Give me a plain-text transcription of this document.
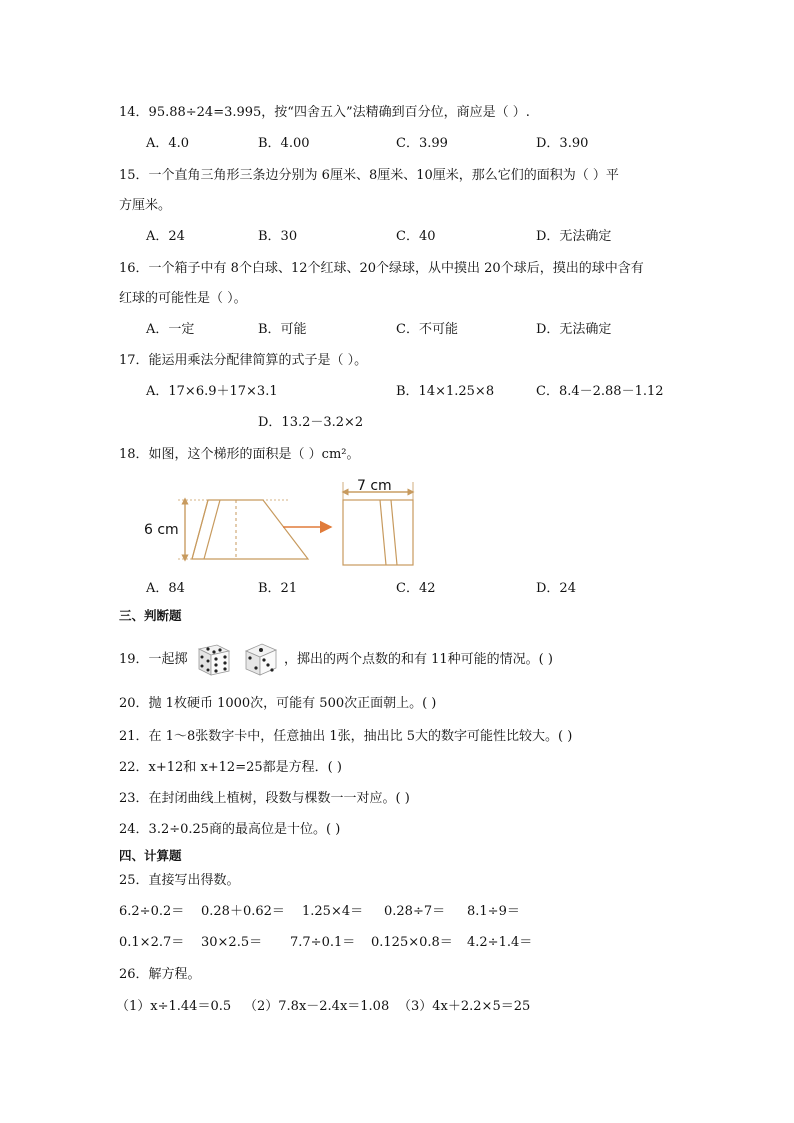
14．95.88÷24=3.995，按“四舍五入”法精确到百分位，商应是（ ）.
A．4.0	B．4.00	C．3.99	D．3.90
15．一个直角三角形三条边分别为 6厘米、8厘米、10厘米，那么它们的面积为（ ）平
方厘米。
A．24	B．30	C．40	D．无法确定
16．一个箱子中有 8个白球、12个红球、20个绿球，从中摸出 20个球后，摸出的球中含有
红球的可能性是（ ）。
A．一定	B．可能	C．不可能	D．无法确定
17．能运用乘法分配律简算的式子是（ ）。
A．17×6.9＋17×3.1	B．14×1.25×8	C．8.4－2.88－1.12
D．13.2－3.2×2
18．如图，这个梯形的面积是（ ）cm²。
6 cm
7 cm
A．84	B．21	C．42	D．24
三、判断题
19．一起掷	，掷出的两个点数的和有 11种可能的情况。( )
20．抛 1枚硬币 1000次，可能有 500次正面朝上。( )
21．在 1～8张数字卡中，任意抽出 1张，抽出比 5大的数字可能性比较大。( )
22．x+12和 x+12=25都是方程．( )
23．在封闭曲线上植树，段数与棵数一一对应。( )
24．3.2÷0.25商的最高位是十位。( )
四、计算题
25．直接写出得数。
6.2÷0.2＝ 0.28＋0.62＝ 1.25×4＝ 0.28÷7＝ 8.1÷9＝
0.1×2.7＝ 30×2.5＝ 7.7÷0.1＝ 0.125×0.8＝ 4.2÷1.4＝
26．解方程。
（1）x÷1.44＝0.5 （2）7.8x－2.4x＝1.08 （3）4x＋2.2×5＝25
